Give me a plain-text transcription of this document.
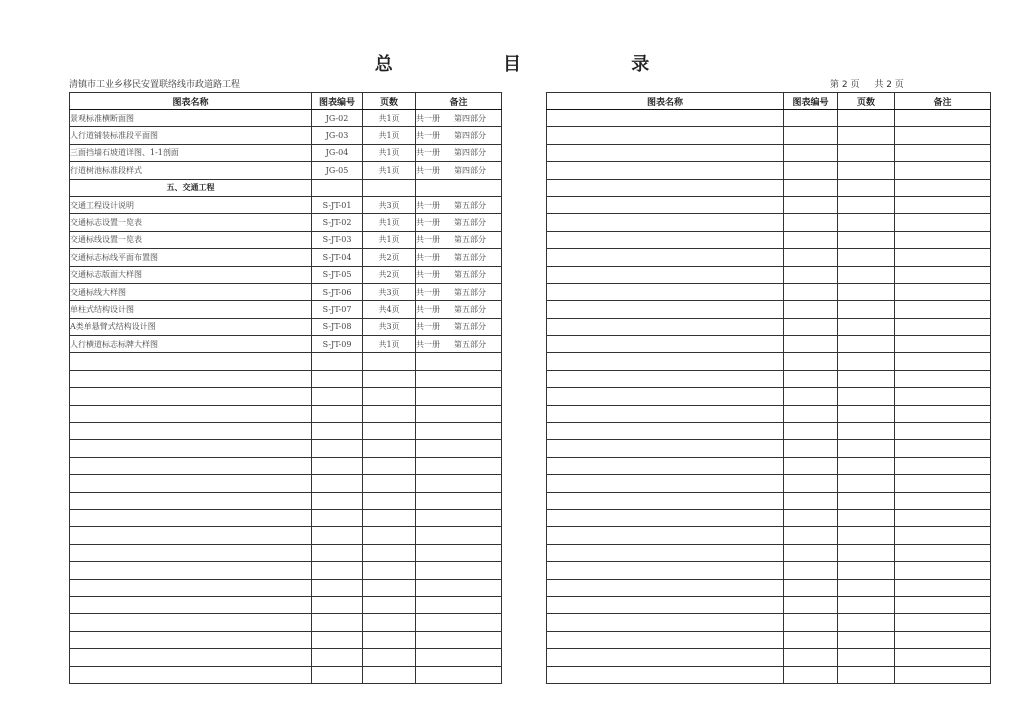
总 目 录
清镇市工业乡移民安置联络线市政道路工程	第 2 页 共 2 页
图表名称	图表编号	页数	备注
景观标准横断面图	JG-02	共1页	共一册 第四部分
人行道铺装标准段平面图	JG-03	共1页	共一册 第四部分
三面挡墙石坡道详图、1-1剖面	JG-04	共1页	共一册 第四部分
行道树池标准段样式	JG-05	共1页	共一册 第四部分
五、交通工程			
交通工程设计说明	S-JT-01	共3页	共一册 第五部分
交通标志设置一览表	S-JT-02	共1页	共一册 第五部分
交通标线设置一览表	S-JT-03	共1页	共一册 第五部分
交通标志标线平面布置图	S-JT-04	共2页	共一册 第五部分
交通标志版面大样图	S-JT-05	共2页	共一册 第五部分
交通标线大样图	S-JT-06	共3页	共一册 第五部分
单柱式结构设计图	S-JT-07	共4页	共一册 第五部分
A类单悬臂式结构设计图	S-JT-08	共3页	共一册 第五部分
人行横道标志标牌大样图	S-JT-09	共1页	共一册 第五部分

图表名称	图表编号	页数	备注
